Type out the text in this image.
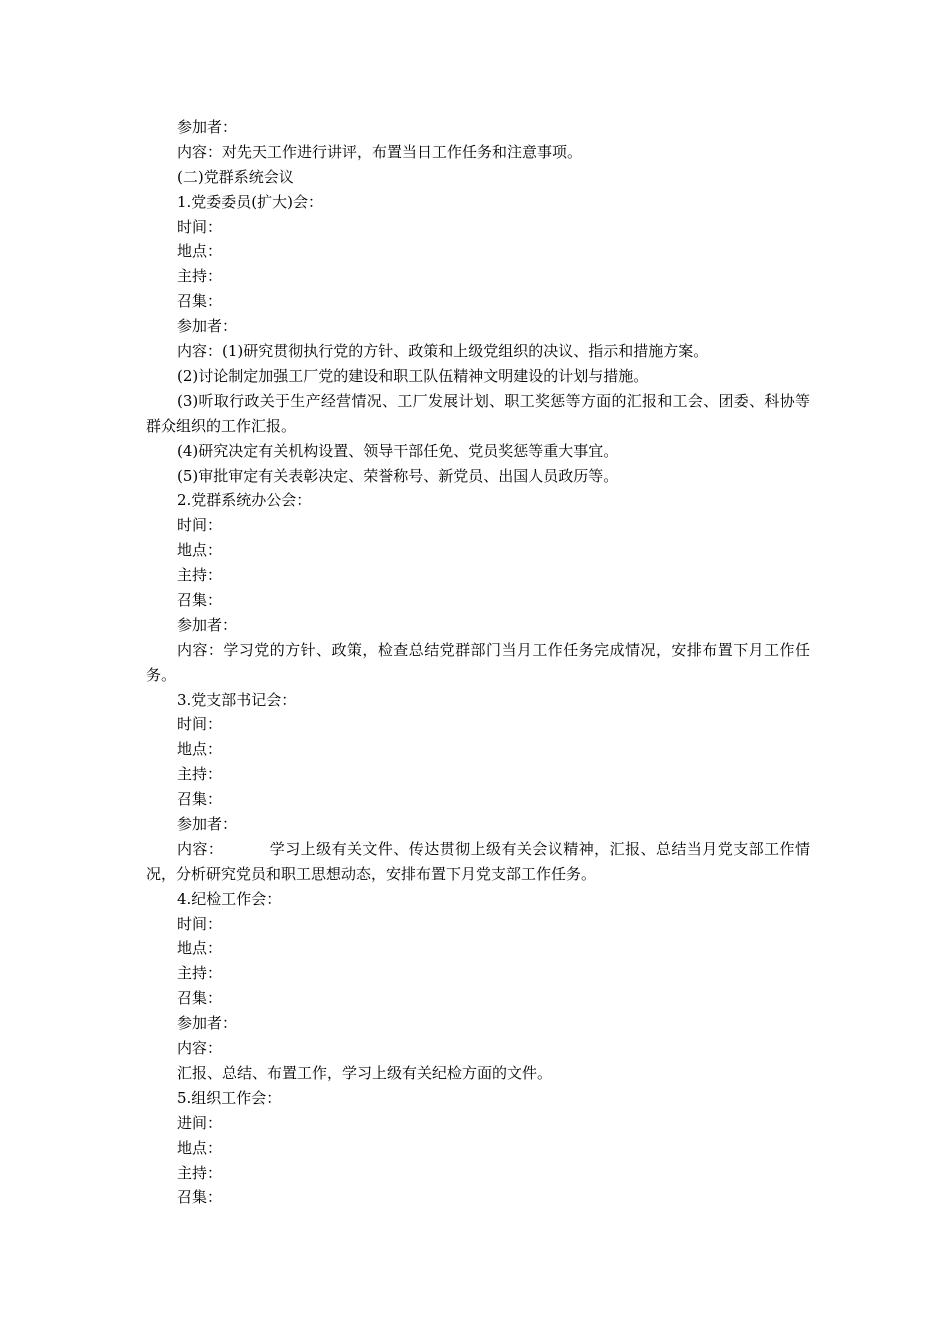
参加者：
内容：对先天工作进行讲评，布置当日工作任务和注意事项。
(二)党群系统会议
1.党委委员(扩大)会：
时间：
地点：
主持：
召集：
参加者：
内容：(1)研究贯彻执行党的方针、政策和上级党组织的决议、指示和措施方案。
(2)讨论制定加强工厂党的建设和职工队伍精神文明建设的计划与措施。
(3)听取行政关于生产经营情况、工厂发展计划、职工奖惩等方面的汇报和工会、团委、科协等群众组织的工作汇报。
(4)研究决定有关机构设置、领导干部任免、党员奖惩等重大事宜。
(5)审批审定有关表彰决定、荣誉称号、新党员、出国人员政历等。
2.党群系统办公会：
时间：
地点：
主持：
召集：
参加者：
内容：学习党的方针、政策，检查总结党群部门当月工作任务完成情况，安排布置下月工作任务。
3.党支部书记会：
时间：
地点：
主持：
召集：
参加者：
内容：	学习上级有关文件、传达贯彻上级有关会议精神，汇报、总结当月党支部工作情况，分析研究党员和职工思想动态，安排布置下月党支部工作任务。
4.纪检工作会：
时间：
地点：
主持：
召集：
参加者：
内容：
汇报、总结、布置工作，学习上级有关纪检方面的文件。
5.组织工作会：
进间：
地点：
主持：
召集：
